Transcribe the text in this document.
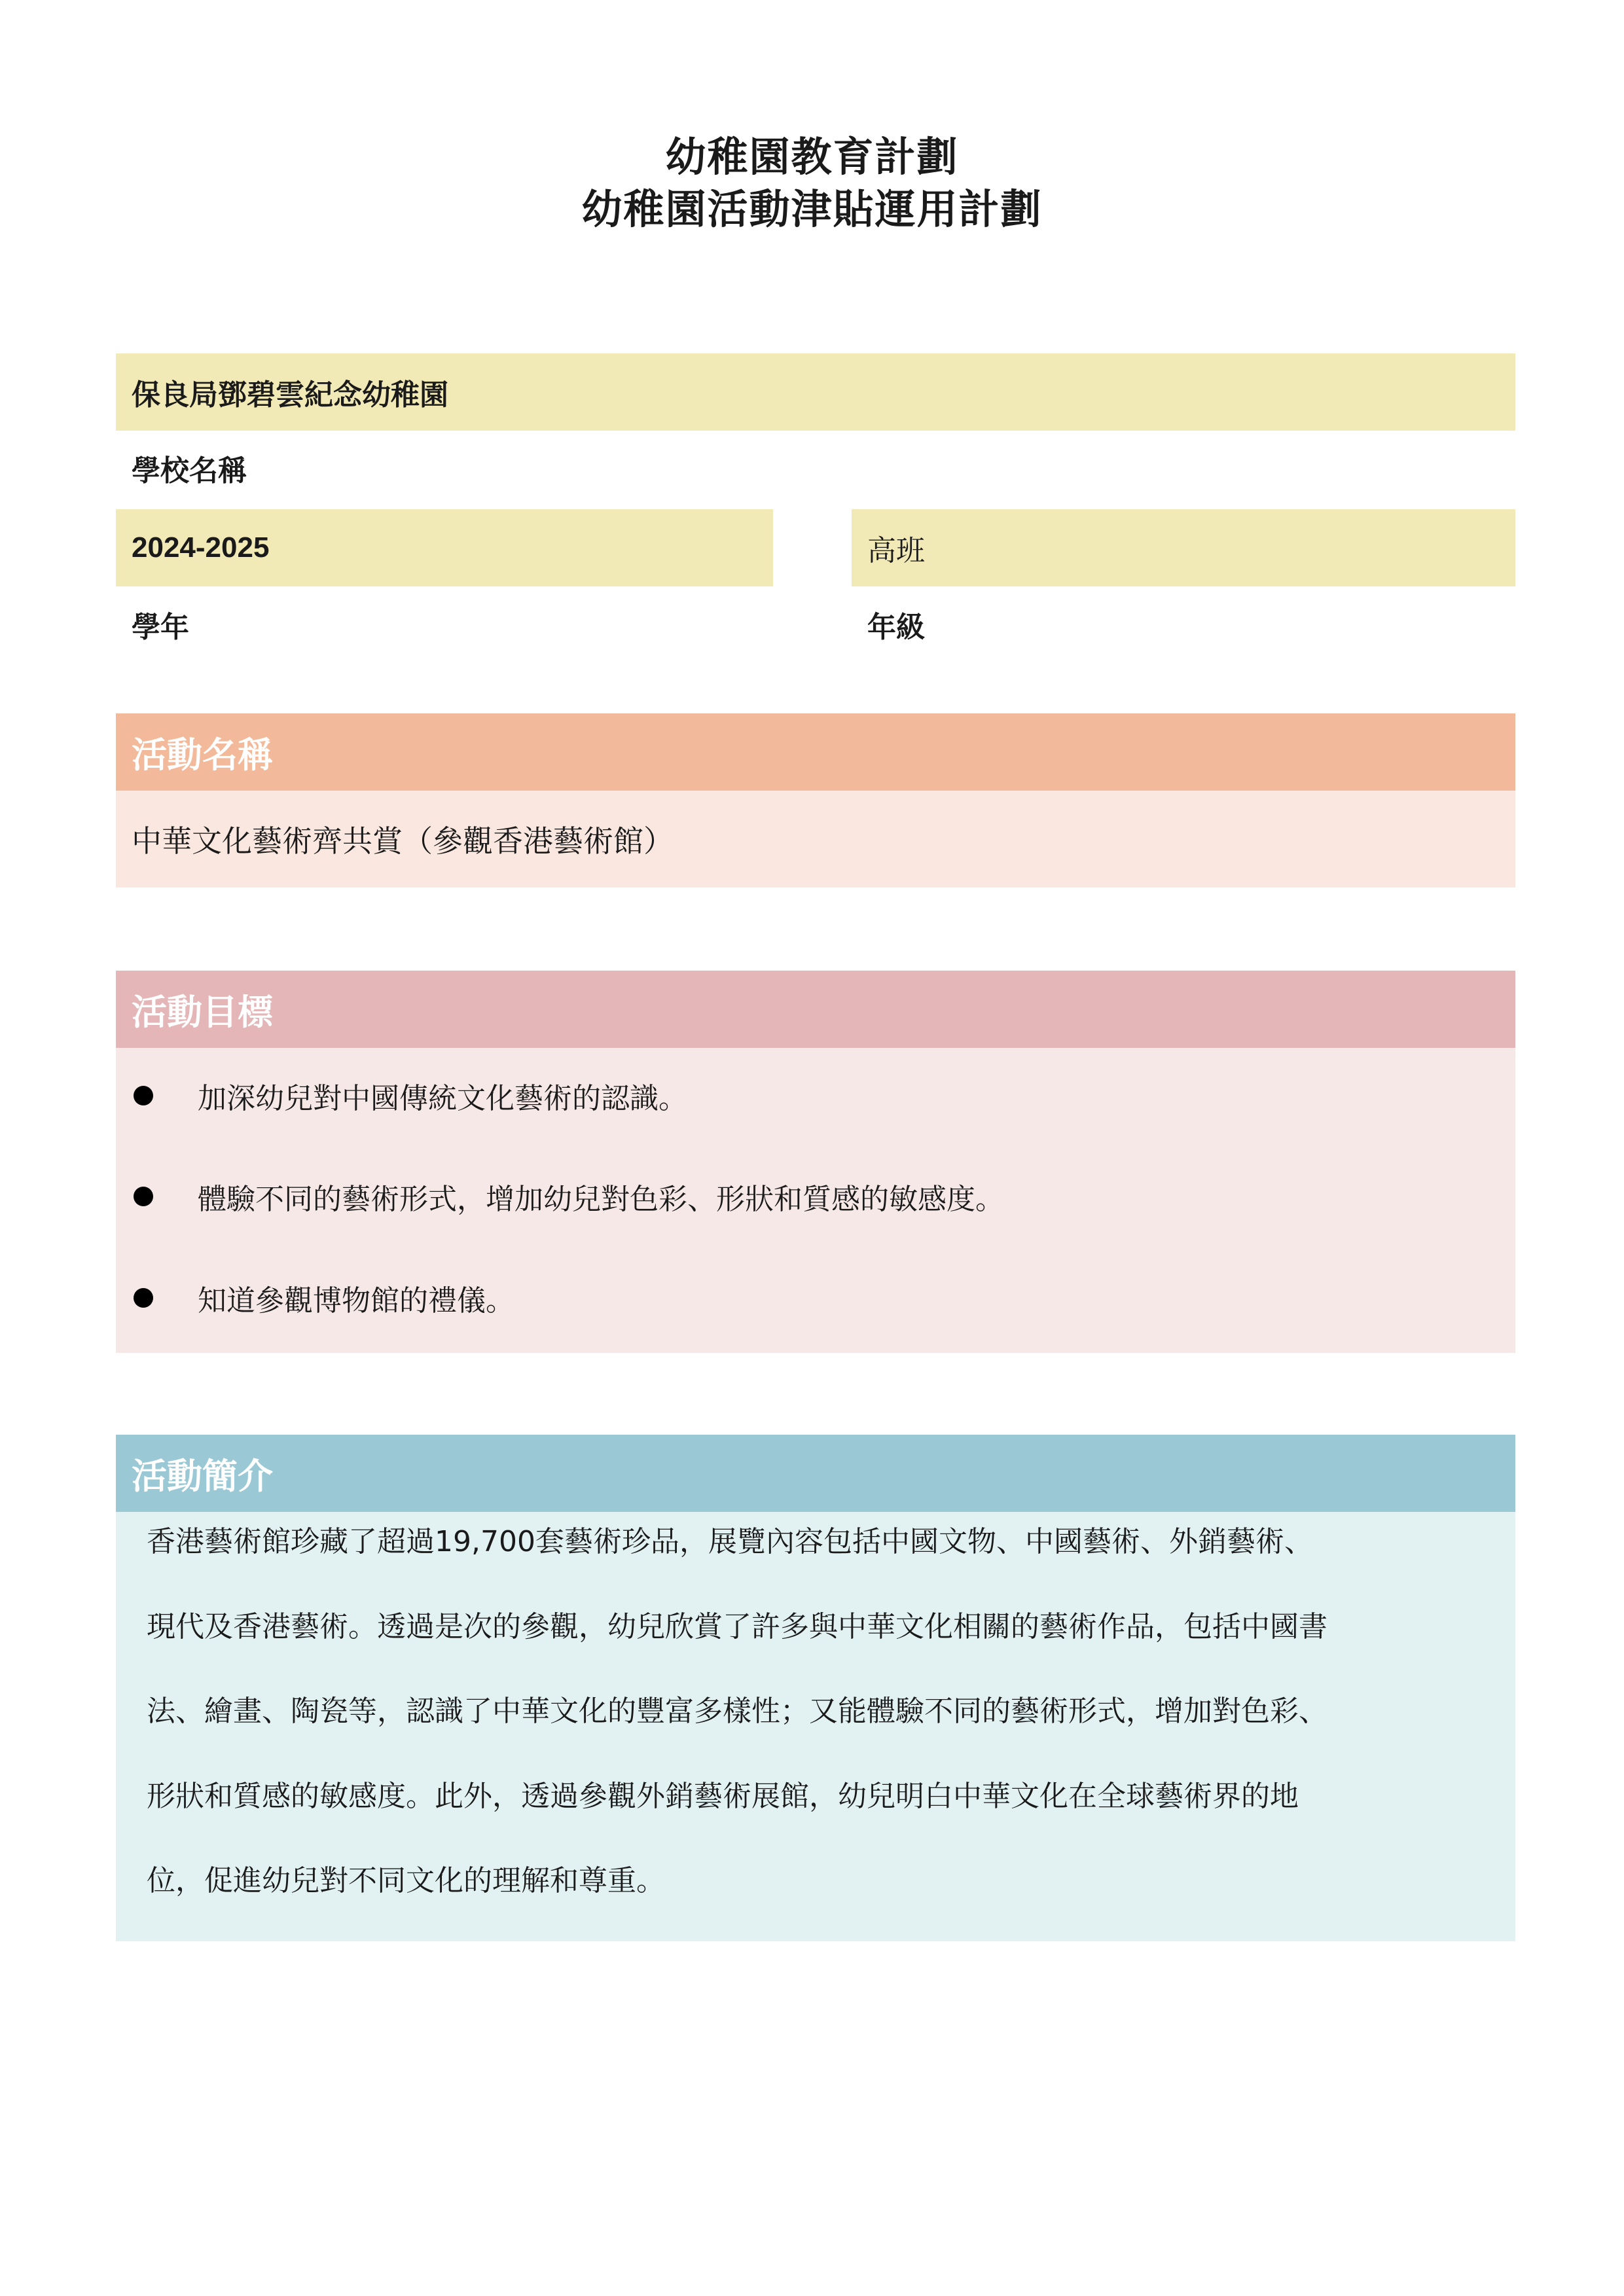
幼稚園教育計劃
幼稚園活動津貼運用計劃
保良局鄧碧雲紀念幼稚園
學校名稱
2024-2025
學年
高班
年級
活動名稱
中華文化藝術齊共賞（參觀香港藝術館）
活動目標
加深幼兒對中國傳統文化藝術的認識。
體驗不同的藝術形式，增加幼兒對色彩、形狀和質感的敏感度。
知道參觀博物館的禮儀。
活動簡介
香港藝術館珍藏了超過19,700套藝術珍品，展覽內容包括中國文物、中國藝術、外銷藝術、
現代及香港藝術。透過是次的參觀，幼兒欣賞了許多與中華文化相關的藝術作品，包括中國書
法、繪畫、陶瓷等，認識了中華文化的豐富多樣性；又能體驗不同的藝術形式，增加對色彩、
形狀和質感的敏感度。此外，透過參觀外銷藝術展館，幼兒明白中華文化在全球藝術界的地
位，促進幼兒對不同文化的理解和尊重。
